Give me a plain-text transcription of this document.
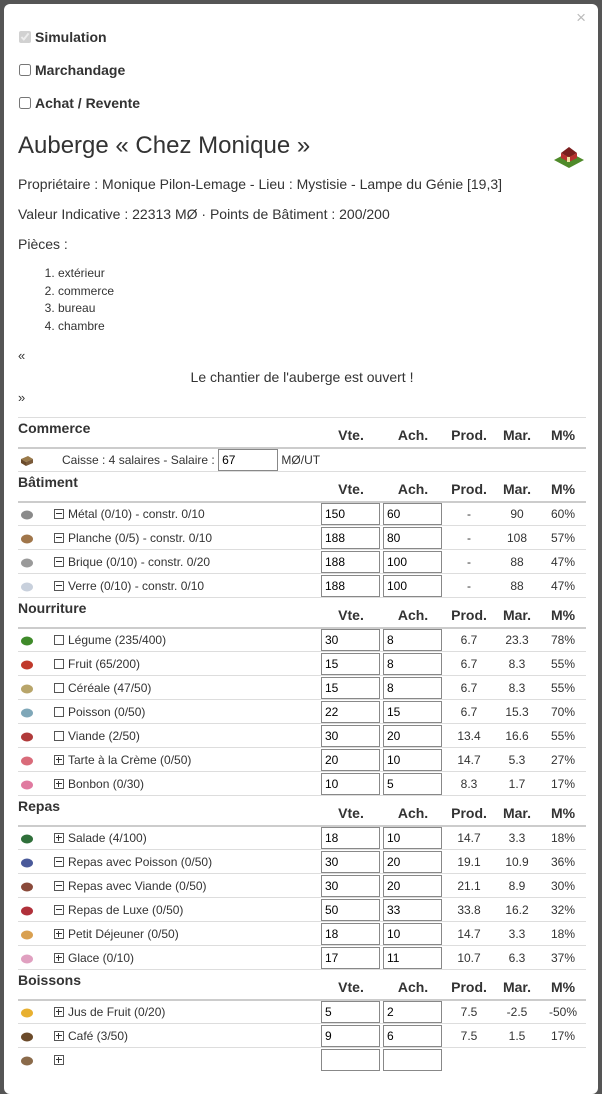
×
Simulation
Marchandage
Achat / Revente
Auberge « Chez Monique »
Propriétaire : Monique Pilon-Lemage - Lieu : Mystisie - Lampe du Génie [19,3]
Valeur Indicative : 22313 MØ · Points de Bâtiment : 200/200
Pièces :
1. extérieur
2. commerce
3. bureau
4. chambre
«
Le chantier de l'auberge est ouvert !
»
Commerce		Vte.	Ach.	Prod.	Mar.	M%
	Caisse : 4 salaires - Salaire : 67 MØ/UT
Bâtiment		Vte.	Ach.	Prod.	Mar.	M%
	Métal (0/10) - constr. 0/10	150	60	-	90	60%
	Planche (0/5) - constr. 0/10	188	80	-	108	57%
	Brique (0/10) - constr. 0/20	188	100	-	88	47%
	Verre (0/10) - constr. 0/10	188	100	-	88	47%
Nourriture		Vte.	Ach.	Prod.	Mar.	M%
	Légume (235/400)	30	8	6.7	23.3	78%
	Fruit (65/200)	15	8	6.7	8.3	55%
	Céréale (47/50)	15	8	6.7	8.3	55%
	Poisson (0/50)	22	15	6.7	15.3	70%
	Viande (2/50)	30	20	13.4	16.6	55%
	Tarte à la Crème (0/50)	20	10	14.7	5.3	27%
	Bonbon (0/30)	10	5	8.3	1.7	17%
Repas		Vte.	Ach.	Prod.	Mar.	M%
	Salade (4/100)	18	10	14.7	3.3	18%
	Repas avec Poisson (0/50)	30	20	19.1	10.9	36%
	Repas avec Viande (0/50)	30	20	21.1	8.9	30%
	Repas de Luxe (0/50)	50	33	33.8	16.2	32%
	Petit Déjeuner (0/50)	18	10	14.7	3.3	18%
	Glace (0/10)	17	11	10.7	6.3	37%
Boissons		Vte.	Ach.	Prod.	Mar.	M%
	Jus de Fruit (0/20)	5	2	7.5	-2.5	-50%
	Café (3/50)	9	6	7.5	1.5	17%
